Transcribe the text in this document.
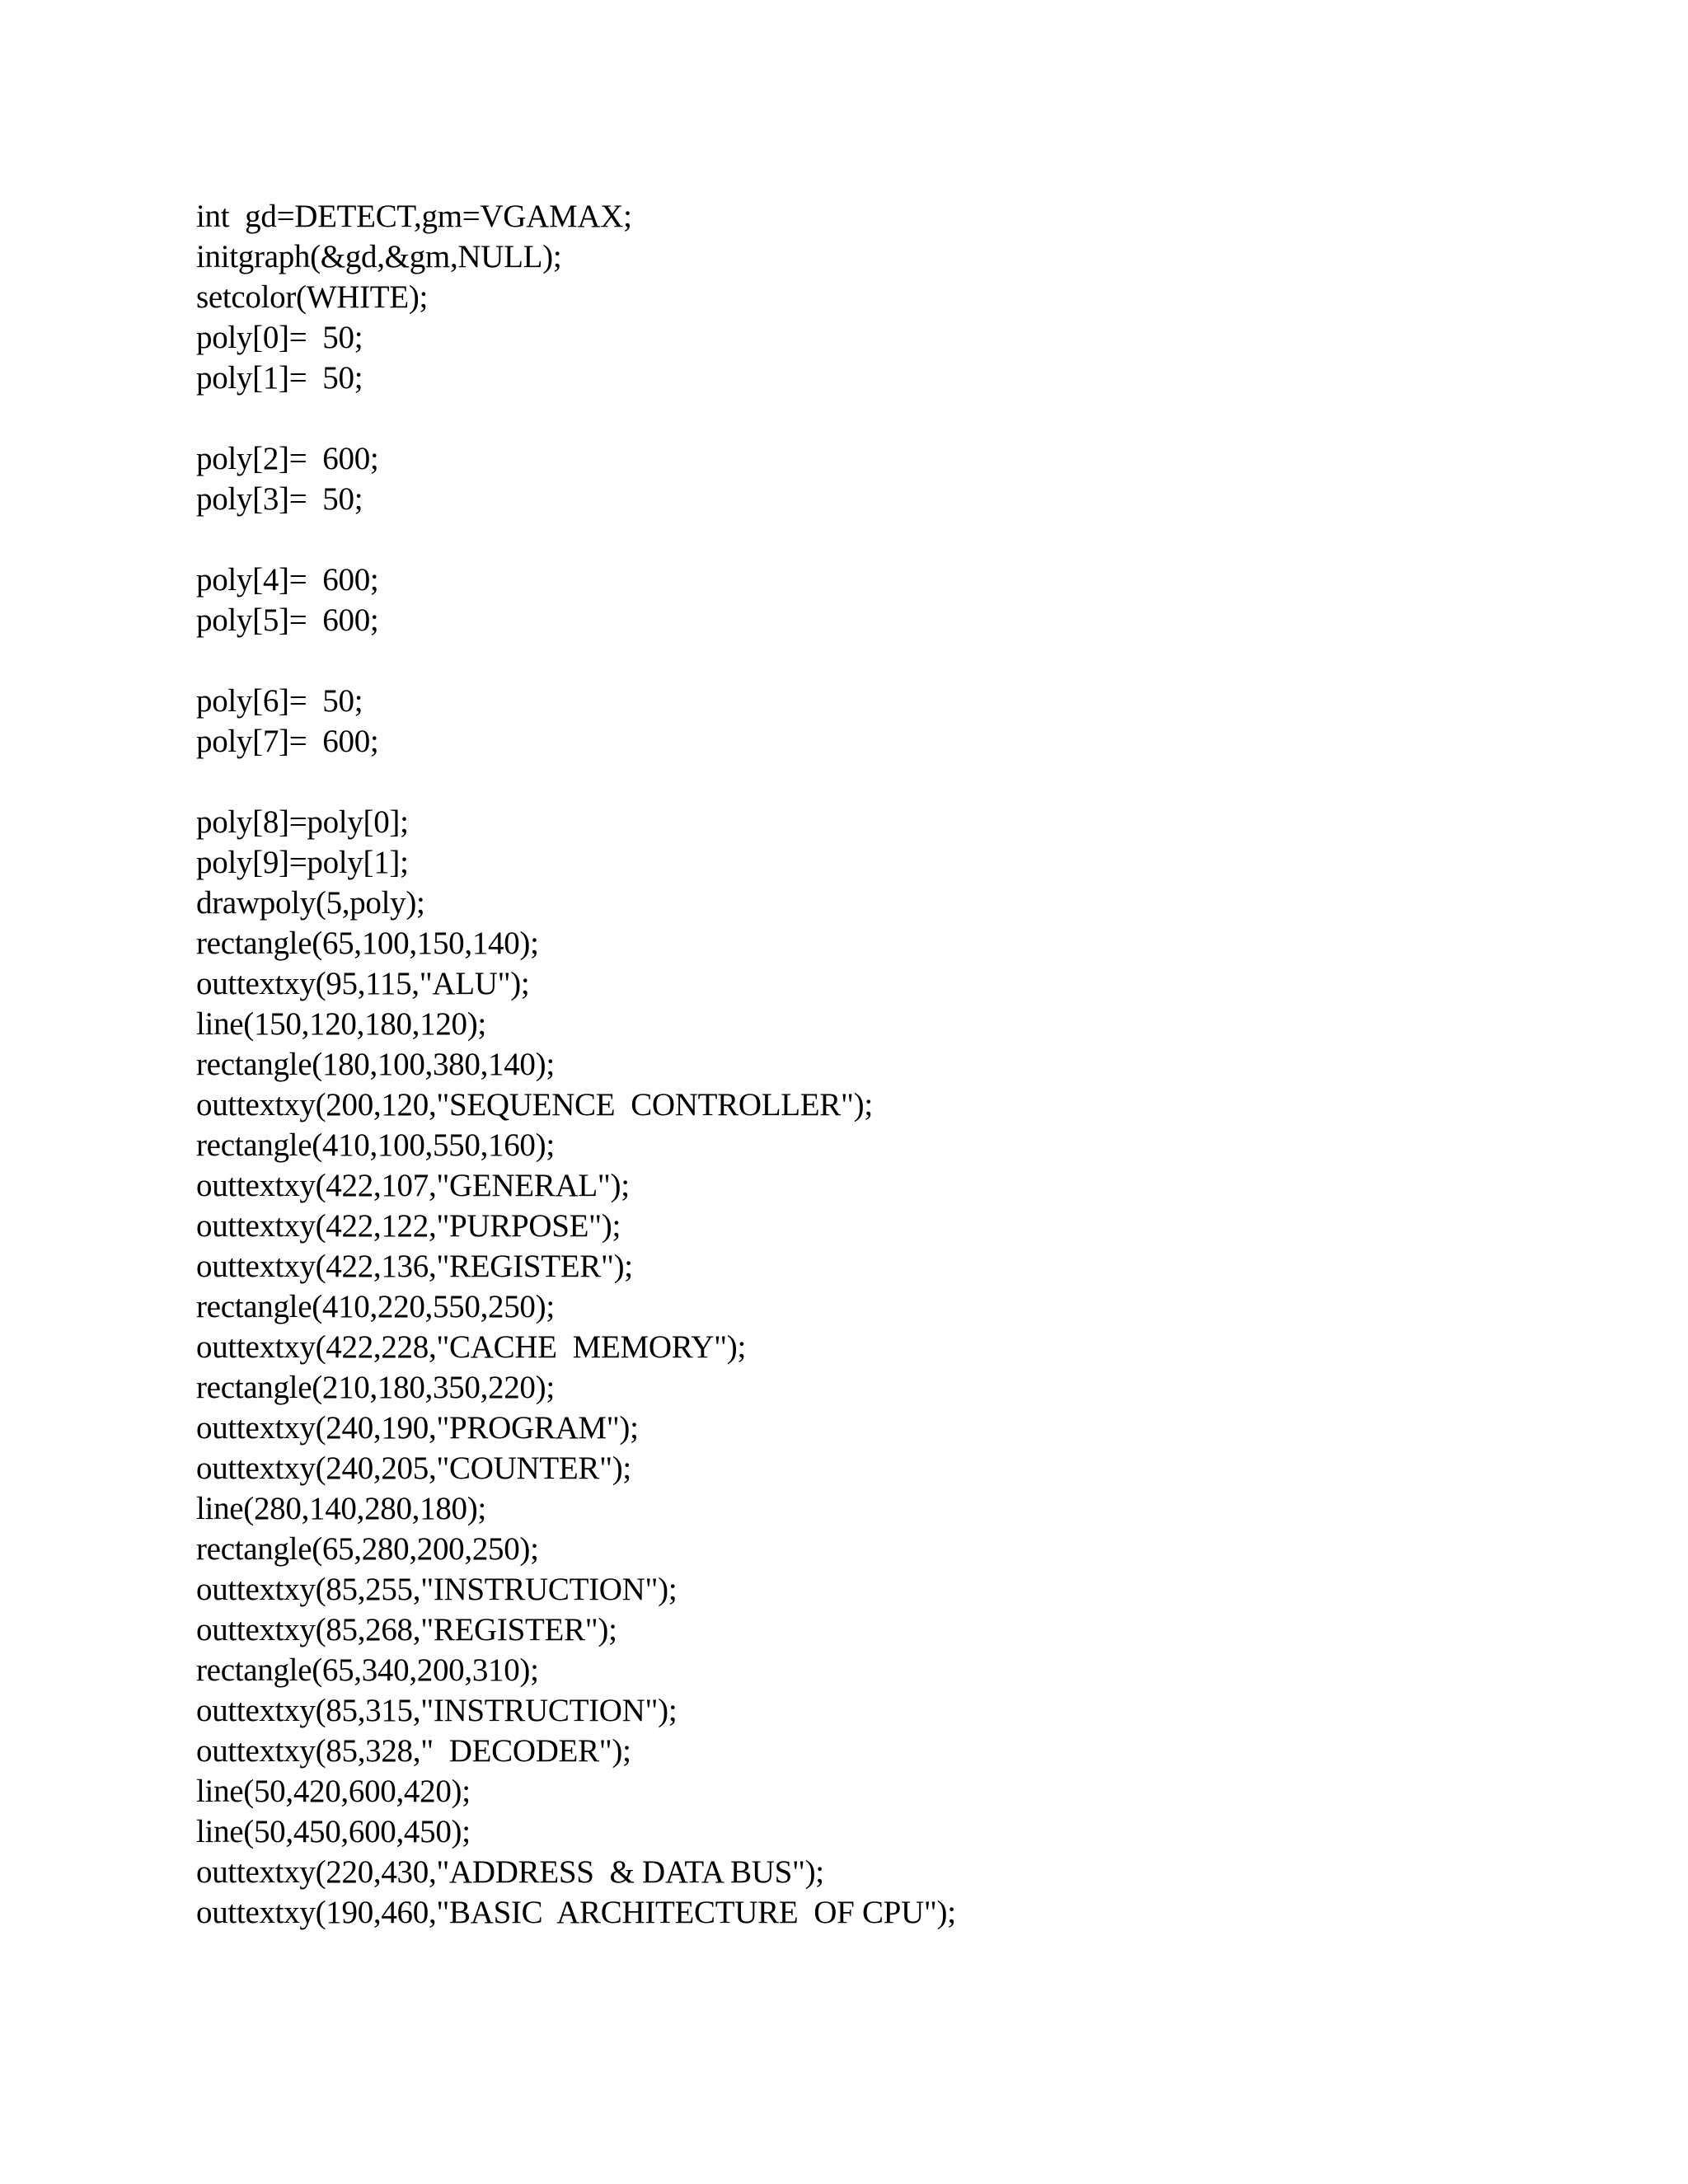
int  gd=DETECT,gm=VGAMAX;
initgraph(&gd,&gm,NULL);
setcolor(WHITE);
poly[0]=  50;
poly[1]=  50;
poly[2]=  600;
poly[3]=  50;
poly[4]=  600;
poly[5]=  600;
poly[6]=  50;
poly[7]=  600;
poly[8]=poly[0];
poly[9]=poly[1];
drawpoly(5,poly);
rectangle(65,100,150,140);
outtextxy(95,115,"ALU");
line(150,120,180,120);
rectangle(180,100,380,140);
outtextxy(200,120,"SEQUENCE  CONTROLLER");
rectangle(410,100,550,160);
outtextxy(422,107,"GENERAL");
outtextxy(422,122,"PURPOSE");
outtextxy(422,136,"REGISTER");
rectangle(410,220,550,250);
outtextxy(422,228,"CACHE  MEMORY");
rectangle(210,180,350,220);
outtextxy(240,190,"PROGRAM");
outtextxy(240,205,"COUNTER");
line(280,140,280,180);
rectangle(65,280,200,250);
outtextxy(85,255,"INSTRUCTION");
outtextxy(85,268,"REGISTER");
rectangle(65,340,200,310);
outtextxy(85,315,"INSTRUCTION");
outtextxy(85,328,"  DECODER");
line(50,420,600,420);
line(50,450,600,450);
outtextxy(220,430,"ADDRESS  & DATA BUS");
outtextxy(190,460,"BASIC  ARCHITECTURE  OF CPU");
